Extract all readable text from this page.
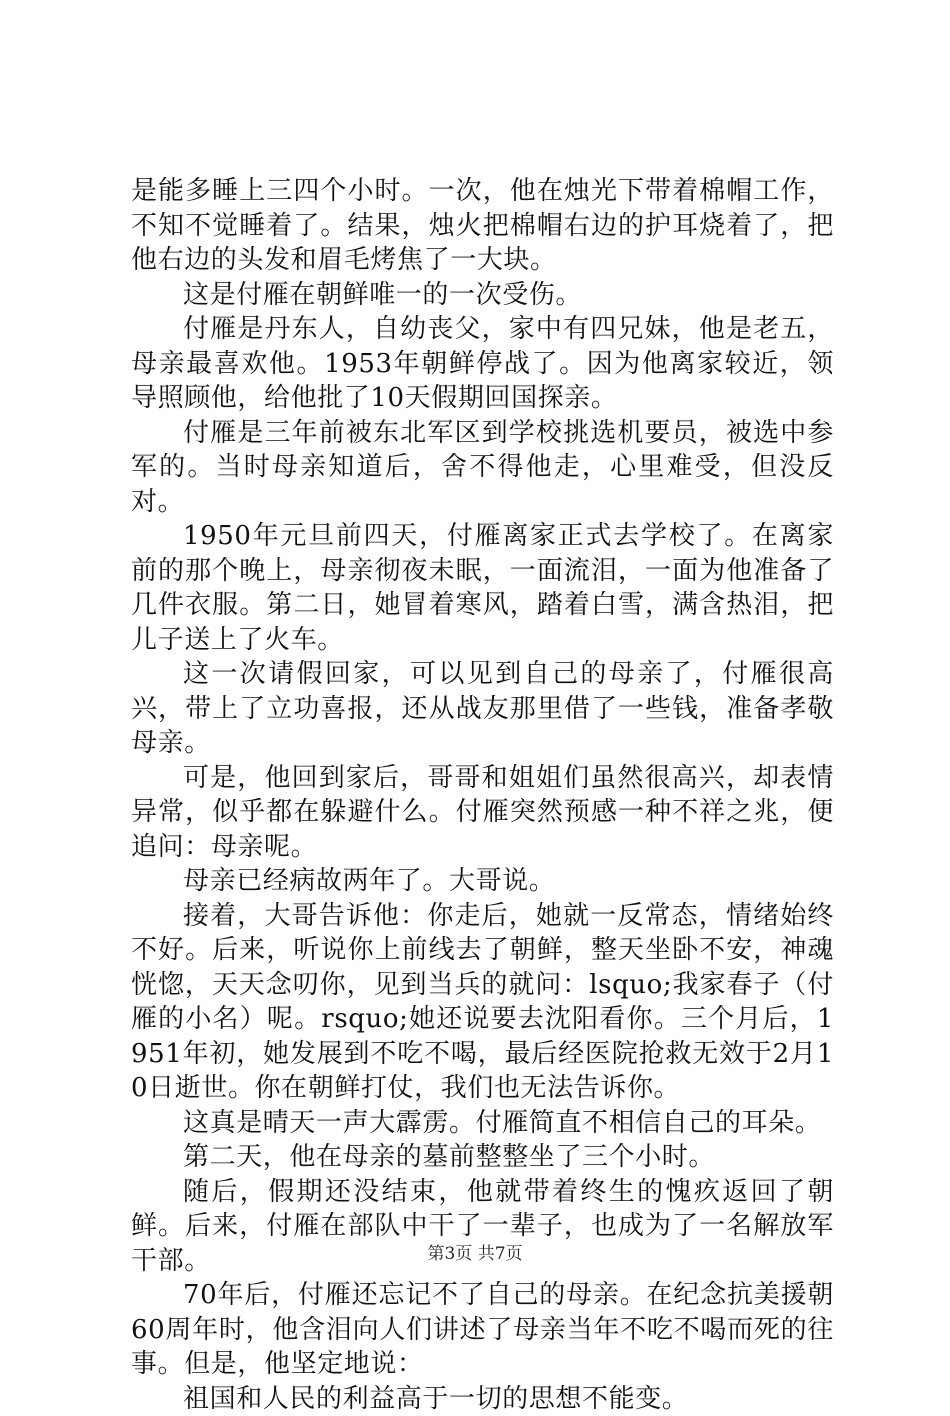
是能多睡上三四个小时。一次，他在烛光下带着棉帽工作，不知不觉睡着了。结果，烛火把棉帽右边的护耳烧着了，把他右边的头发和眉毛烤焦了一大块。

这是付雁在朝鲜唯一的一次受伤。

付雁是丹东人，自幼丧父，家中有四兄妹，他是老五，母亲最喜欢他。1953年朝鲜停战了。因为他离家较近，领导照顾他，给他批了10天假期回国探亲。

付雁是三年前被东北军区到学校挑选机要员，被选中参军的。当时母亲知道后，舍不得他走，心里难受，但没反对。

1950年元旦前四天，付雁离家正式去学校了。在离家前的那个晚上，母亲彻夜未眠，一面流泪，一面为他准备了几件衣服。第二日，她冒着寒风，踏着白雪，满含热泪，把儿子送上了火车。

这一次请假回家，可以见到自己的母亲了，付雁很高兴，带上了立功喜报，还从战友那里借了一些钱，准备孝敬母亲。

可是，他回到家后，哥哥和姐姐们虽然很高兴，却表情异常，似乎都在躲避什么。付雁突然预感一种不祥之兆，便追问：母亲呢。

母亲已经病故两年了。大哥说。

接着，大哥告诉他：你走后，她就一反常态，情绪始终不好。后来，听说你上前线去了朝鲜，整天坐卧不安，神魂恍惚，天天念叨你，见到当兵的就问：lsquo;我家春子（付雁的小名）呢。rsquo;她还说要去沈阳看你。三个月后，1951年初，她发展到不吃不喝，最后经医院抢救无效于2月10日逝世。你在朝鲜打仗，我们也无法告诉你。

这真是晴天一声大霹雳。付雁简直不相信自己的耳朵。

第二天，他在母亲的墓前整整坐了三个小时。

随后，假期还没结束，他就带着终生的愧疚返回了朝鲜。后来，付雁在部队中干了一辈子，也成为了一名解放军干部。

70年后，付雁还忘记不了自己的母亲。在纪念抗美援朝60周年时，他含泪向人们讲述了母亲当年不吃不喝而死的往事。但是，他坚定地说：

祖国和人民的利益高于一切的思想不能变。

第3页 共7页
